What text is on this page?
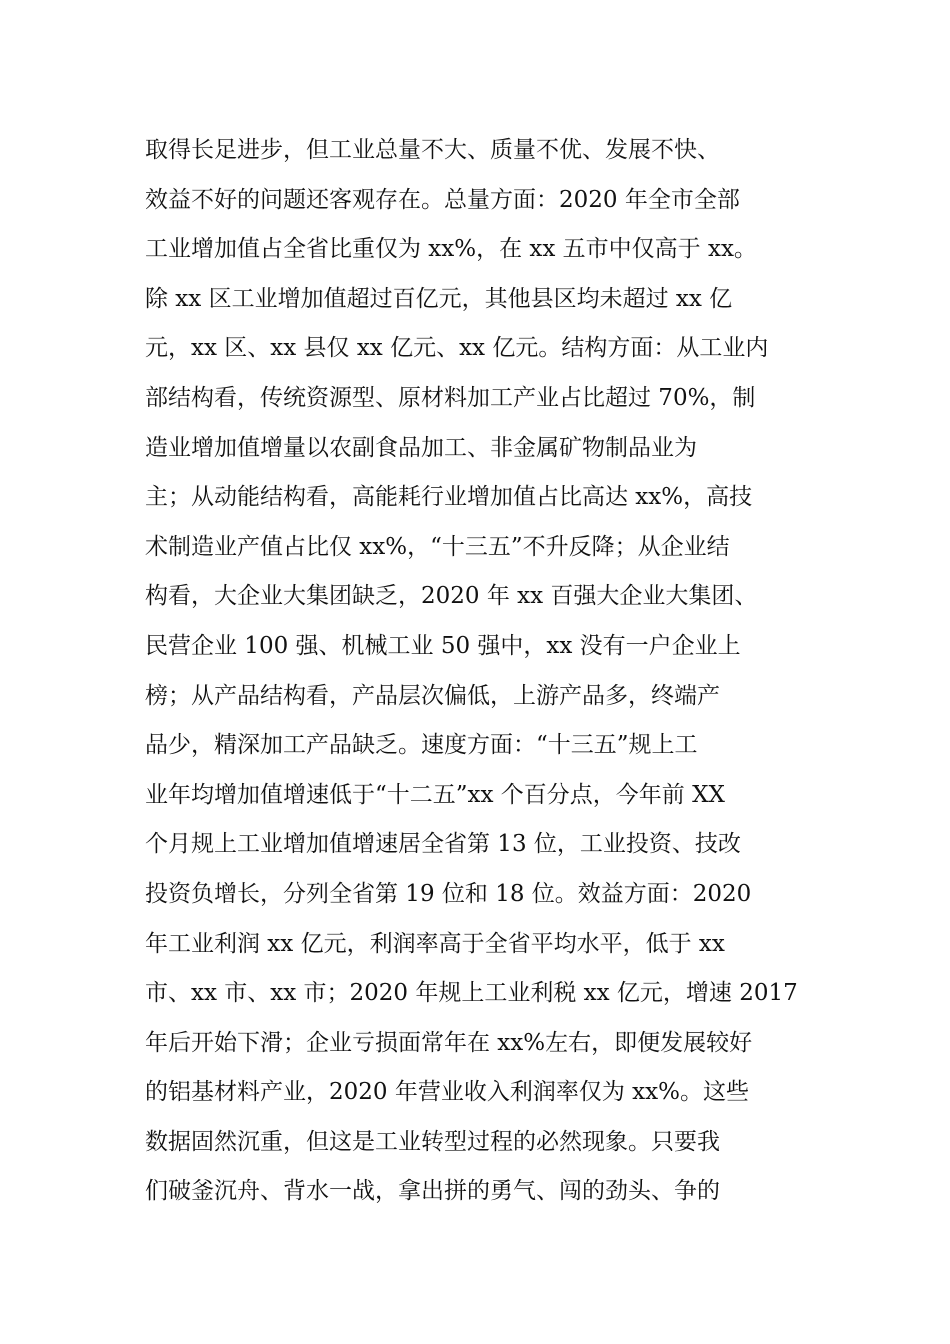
取得长足进步，但工业总量不大、质量不优、发展不快、
效益不好的问题还客观存在。总量方面：2020 年全市全部
工业增加值占全省比重仅为 xx%，在 xx 五市中仅高于 xx。
除 xx 区工业增加值超过百亿元，其他县区均未超过 xx 亿
元，xx 区、xx 县仅 xx 亿元、xx 亿元。结构方面：从工业内
部结构看，传统资源型、原材料加工产业占比超过 70%，制
造业增加值增量以农副食品加工、非金属矿物制品业为
主；从动能结构看，高能耗行业增加值占比高达 xx%，高技
术制造业产值占比仅 xx%，“十三五”不升反降；从企业结
构看，大企业大集团缺乏，2020 年 xx 百强大企业大集团、
民营企业 100 强、机械工业 50 强中，xx 没有一户企业上
榜；从产品结构看，产品层次偏低，上游产品多，终端产
品少，精深加工产品缺乏。速度方面：“十三五”规上工
业年均增加值增速低于“十二五”xx 个百分点，今年前 XX
个月规上工业增加值增速居全省第 13 位，工业投资、技改
投资负增长，分列全省第 19 位和 18 位。效益方面：2020
年工业利润 xx 亿元，利润率高于全省平均水平，低于 xx
市、xx 市、xx 市；2020 年规上工业利税 xx 亿元，增速 2017
年后开始下滑；企业亏损面常年在 xx%左右，即便发展较好
的铝基材料产业，2020 年营业收入利润率仅为 xx%。这些
数据固然沉重，但这是工业转型过程的必然现象。只要我
们破釜沉舟、背水一战，拿出拼的勇气、闯的劲头、争的
